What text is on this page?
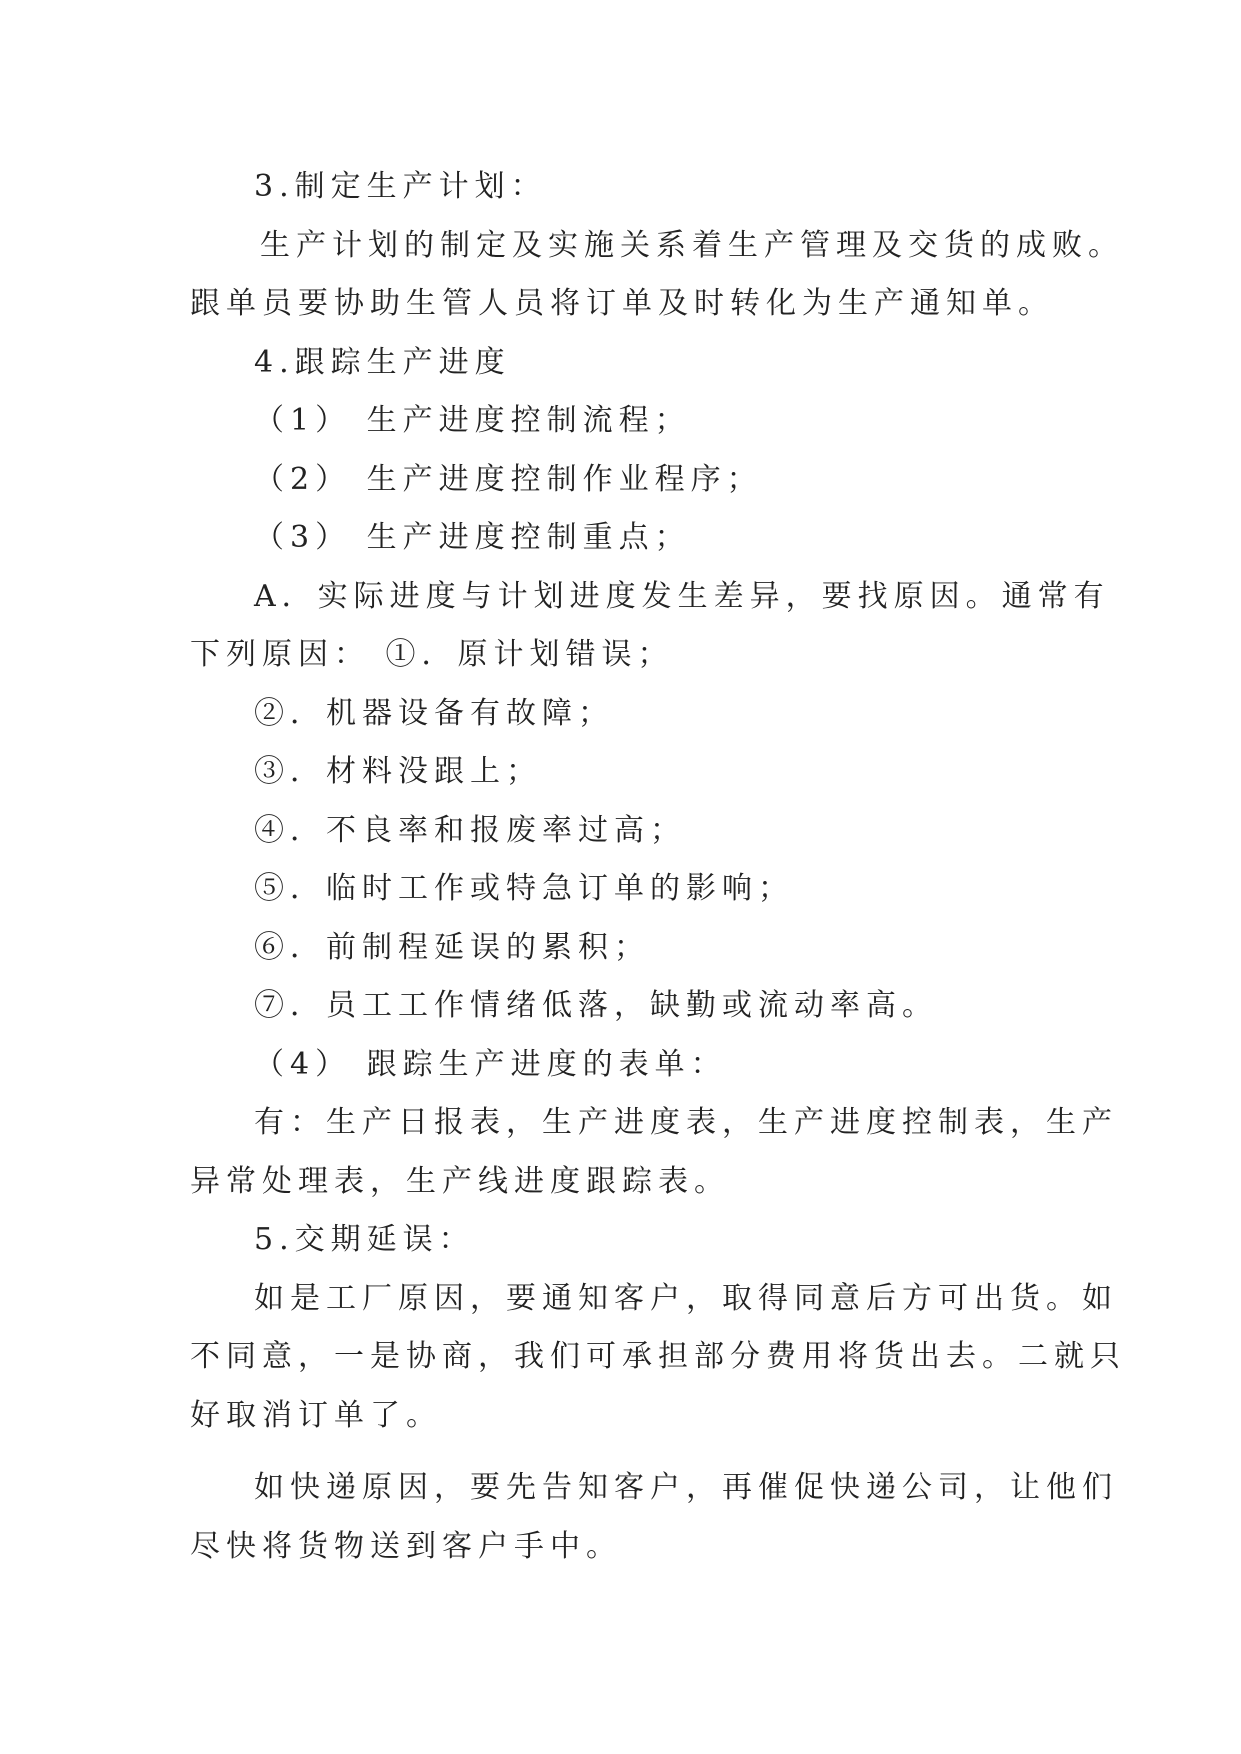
3.制定生产计划：
生产计划的制定及实施关系着生产管理及交货的成败。
跟单员要协助生管人员将订单及时转化为生产通知单。
4.跟踪生产进度
（1） 生产进度控制流程；
（2） 生产进度控制作业程序；
（3） 生产进度控制重点；
A．实际进度与计划进度发生差异，要找原因。通常有
下列原因： ①．原计划错误；
②．机器设备有故障；
③．材料没跟上；
④．不良率和报废率过高；
⑤．临时工作或特急订单的影响；
⑥．前制程延误的累积；
⑦．员工工作情绪低落，缺勤或流动率高。
（4） 跟踪生产进度的表单：
有：生产日报表，生产进度表，生产进度控制表，生产
异常处理表，生产线进度跟踪表。
5.交期延误：
如是工厂原因，要通知客户，取得同意后方可出货。如
不同意，一是协商，我们可承担部分费用将货出去。二就只
好取消订单了。
如快递原因，要先告知客户，再催促快递公司，让他们
尽快将货物送到客户手中。
